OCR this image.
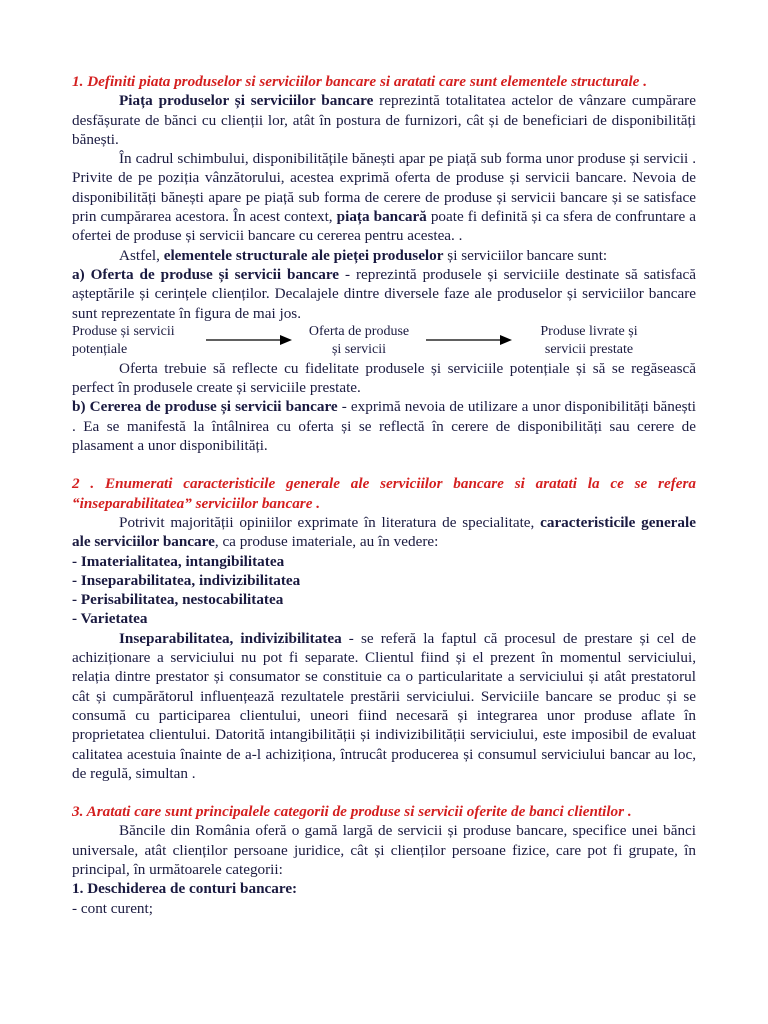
1. Definiti piata produselor si serviciilor bancare si aratati care sunt elementele structurale .

Piața produselor și serviciilor bancare reprezintă totalitatea actelor de vânzare cumpărare desfășurate de bănci cu clienții lor, atât în postura de furnizori, cât și de beneficiari de disponibilități bănești.

În cadrul schimbului, disponibilitățile bănești apar pe piață sub forma unor produse și servicii . Privite de pe poziția vânzătorului, acestea exprimă oferta de produse și servicii bancare. Nevoia de disponibilități bănești apare pe piață sub forma de cerere de produse și servicii bancare și se satisface prin cumpărarea acestora. În acest context, piața bancară poate fi definită și ca sfera de confruntare a ofertei de produse și servicii bancare cu cererea pentru acestea. .

Astfel, elementele structurale ale pieței produselor și serviciilor bancare sunt:

a) Oferta de produse și servicii bancare - reprezintă produsele și serviciile destinate să satisfacă așteptările și cerințele clienților. Decalajele dintre diversele faze ale produselor și serviciilor bancare sunt reprezentate în figura de mai jos.

Produse și servicii
potențiale
Oferta de produse
și servicii
Produse livrate și
servicii prestate

Oferta trebuie să reflecte cu fidelitate produsele și serviciile potențiale și să se regăsească perfect în produsele create și serviciile prestate.

b) Cererea de produse și servicii bancare - exprimă nevoia de utilizare a unor disponibilități bănești . Ea se manifestă la întâlnirea cu oferta și se reflectă în cerere de disponibilități sau cerere de plasament a unor disponibilități.

2 . Enumerati caracteristicile generale ale serviciilor bancare si aratati la ce se refera “inseparabilitatea” serviciilor bancare .

Potrivit majorității opiniilor exprimate în literatura de specialitate, caracteristicile generale ale serviciilor bancare, ca produse imateriale, au în vedere:

- Imaterialitatea, intangibilitatea

- Inseparabilitatea, indivizibilitatea

- Perisabilitatea, nestocabilitatea

- Varietatea

Inseparabilitatea, indivizibilitatea - se referă la faptul că procesul de prestare și cel de achiziționare a serviciului nu pot fi separate. Clientul fiind și el prezent în momentul serviciului, relația dintre prestator și consumator se constituie ca o particularitate a serviciului și atât prestatorul cât și cumpărătorul influențează rezultatele prestării serviciului. Serviciile bancare se produc și se consumă cu participarea clientului, uneori fiind necesară și integrarea unor produse aflate în proprietatea clientului. Datorită intangibilității și indivizibilității serviciului, este imposibil de evaluat calitatea acestuia înainte de a-l achiziționa, întrucât producerea și consumul serviciului bancar au loc, de regulă, simultan .

3. Aratati care sunt principalele categorii de produse si servicii oferite de banci clientilor .

Băncile din România oferă o gamă largă de servicii și produse bancare, specifice unei bănci universale, atât clienților persoane juridice, cât și clienților persoane fizice, care pot fi grupate, în principal, în următoarele categorii:

1. Deschiderea de conturi bancare:

- cont curent;
